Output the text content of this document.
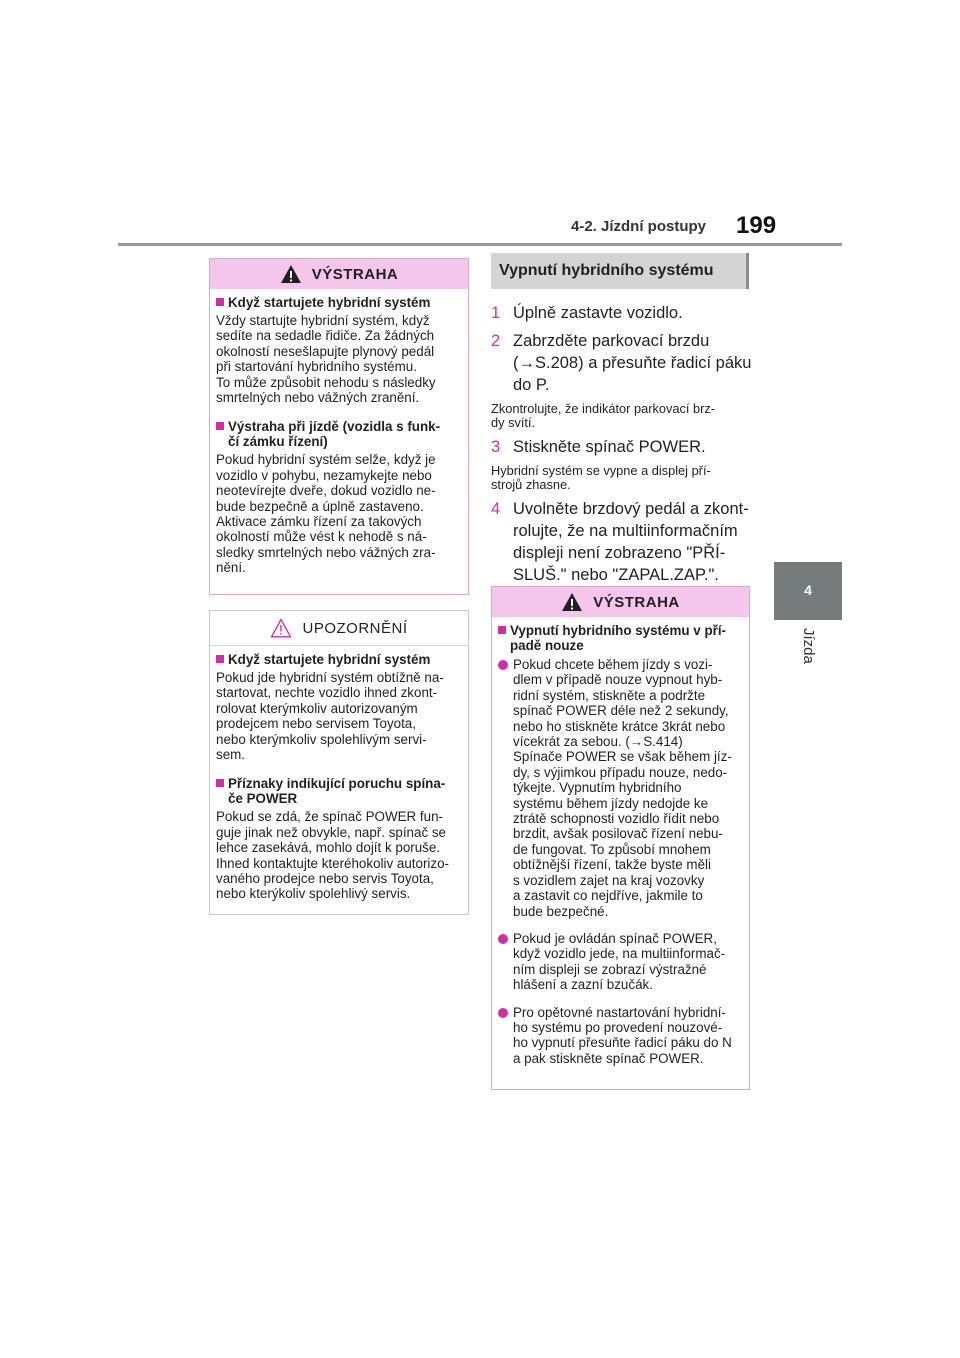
4-2. Jízdní postupy 199
4
Jízda
VÝSTRAHA
Když startujete hybridní systém
Vždy startujte hybridní systém, když
sedíte na sedadle řidiče. Za žádných
okolností nesešlapujte plynový pedál
při startování hybridního systému.
To může způsobit nehodu s následky
smrtelných nebo vážných zranění.
Výstraha při jízdě (vozidla s funk-
čí zámku řízení)
Pokud hybridní systém selže, když je
vozidlo v pohybu, nezamykejte nebo
neotevírejte dveře, dokud vozidlo ne-
bude bezpečně a úplně zastaveno.
Aktivace zámku řízení za takových
okolností může vést k nehodě s ná-
sledky smrtelných nebo vážných zra-
nění.
UPOZORNĚNÍ
Když startujete hybridní systém
Pokud jde hybridní systém obtížně na-
startovat, nechte vozidlo ihned zkont-
rolovat kterýmkoliv autorizovaným
prodejcem nebo servisem Toyota,
nebo kterýmkoliv spolehlivým servi-
sem.
Příznaky indikující poruchu spína-
če POWER
Pokud se zdá, že spínač POWER fun-
guje jinak než obvykle, např. spínač se
lehce zasekává, mohlo dojít k poruše.
Ihned kontaktujte kteréhokoliv autorizo-
vaného prodejce nebo servis Toyota,
nebo kterýkoliv spolehlivý servis.
Vypnutí hybridního systému
1 Úplně zastavte vozidlo.
2 Zabrzděte parkovací brzdu
(→S.208) a přesuňte řadicí páku
do P.
Zkontrolujte, že indikátor parkovací brz-
dy svítí.
3 Stiskněte spínač POWER.
Hybridní systém se vypne a displej pří-
strojů zhasne.
4 Uvolněte brzdový pedál a zkont-
rolujte, že na multiinformačním
displeji není zobrazeno "PŘÍ-
SLUŠ." nebo "ZAPAL.ZAP.".
VÝSTRAHA
Vypnutí hybridního systému v pří-
padě nouze
Pokud chcete během jízdy s vozi-
dlem v případě nouze vypnout hyb-
ridní systém, stiskněte a podržte
spínač POWER déle než 2 sekundy,
nebo ho stiskněte krátce 3krát nebo
vícekrát za sebou. (→S.414)
Spínače POWER se však během jíz-
dy, s výjimkou případu nouze, nedo-
týkejte. Vypnutím hybridního
systému během jízdy nedojde ke
ztrátě schopnosti vozidlo řídit nebo
brzdit, avšak posilovač řízení nebu-
de fungovat. To způsobí mnohem
obtížnější řízení, takže byste měli
s vozidlem zajet na kraj vozovky
a zastavit co nejdříve, jakmile to
bude bezpečné.
Pokud je ovládán spínač POWER,
když vozidlo jede, na multiinformač-
ním displeji se zobrazí výstražné
hlášení a zazní bzučák.
Pro opětovné nastartování hybridní-
ho systému po provedení nouzové-
ho vypnutí přesuňte řadicí páku do N
a pak stiskněte spínač POWER.
